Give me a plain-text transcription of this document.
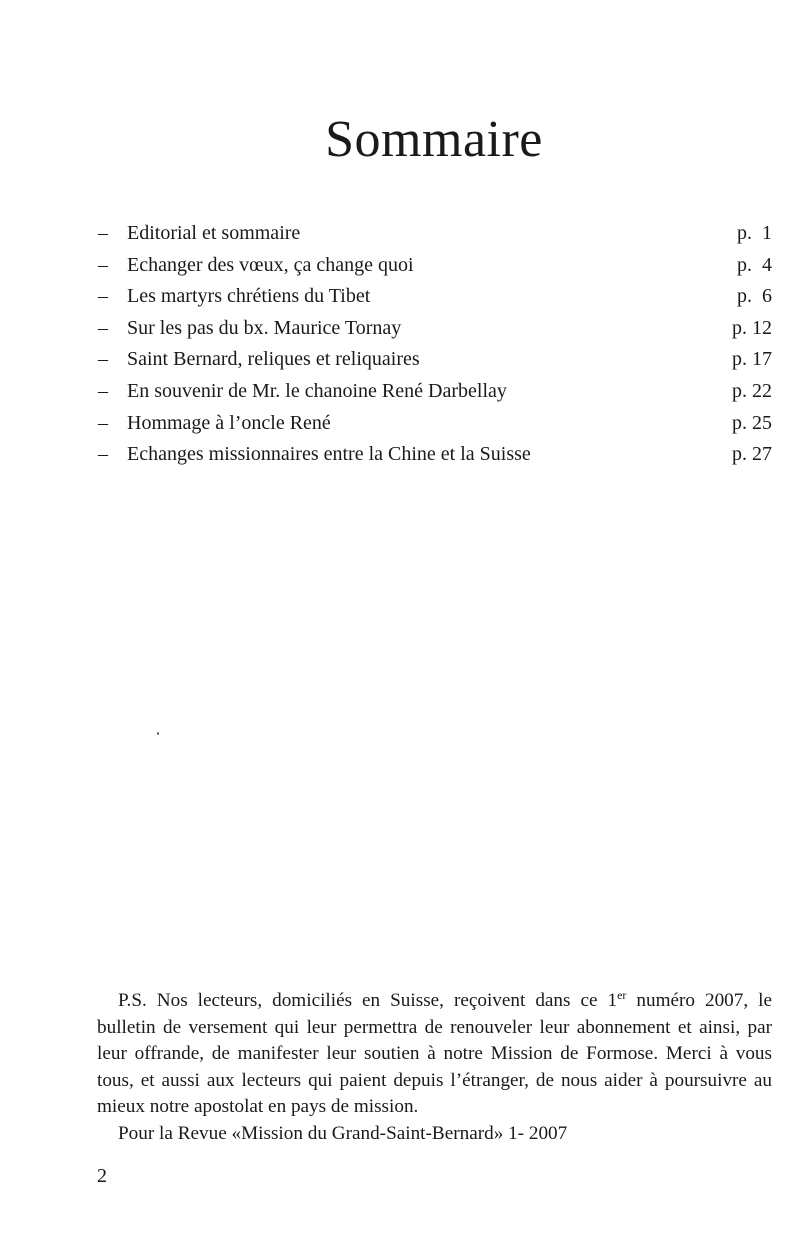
Sommaire
– Editorial et sommaire	p.  1
– Echanger des vœux, ça change quoi	p.  4
– Les martyrs chrétiens du Tibet	p.  6
– Sur les pas du bx. Maurice Tornay	p. 12
– Saint Bernard, reliques et reliquaires	p. 17
– En souvenir de Mr. le chanoine René Darbellay	p. 22
– Hommage à l’oncle René	p. 25
– Echanges missionnaires entre la Chine et la Suisse	p. 27

P.S. Nos lecteurs, domiciliés en Suisse, reçoivent dans ce 1er numéro 2007, le bulletin de versement qui leur permettra de renouveler leur abonnement et ainsi, par leur offrande, de manifester leur soutien à notre Mission de Formose. Merci à vous tous, et aussi aux lecteurs qui paient depuis l’étranger, de nous aider à poursuivre au mieux notre apostolat en pays de mission.

Pour la Revue «Mission du Grand-Saint-Bernard» 1- 2007

2
